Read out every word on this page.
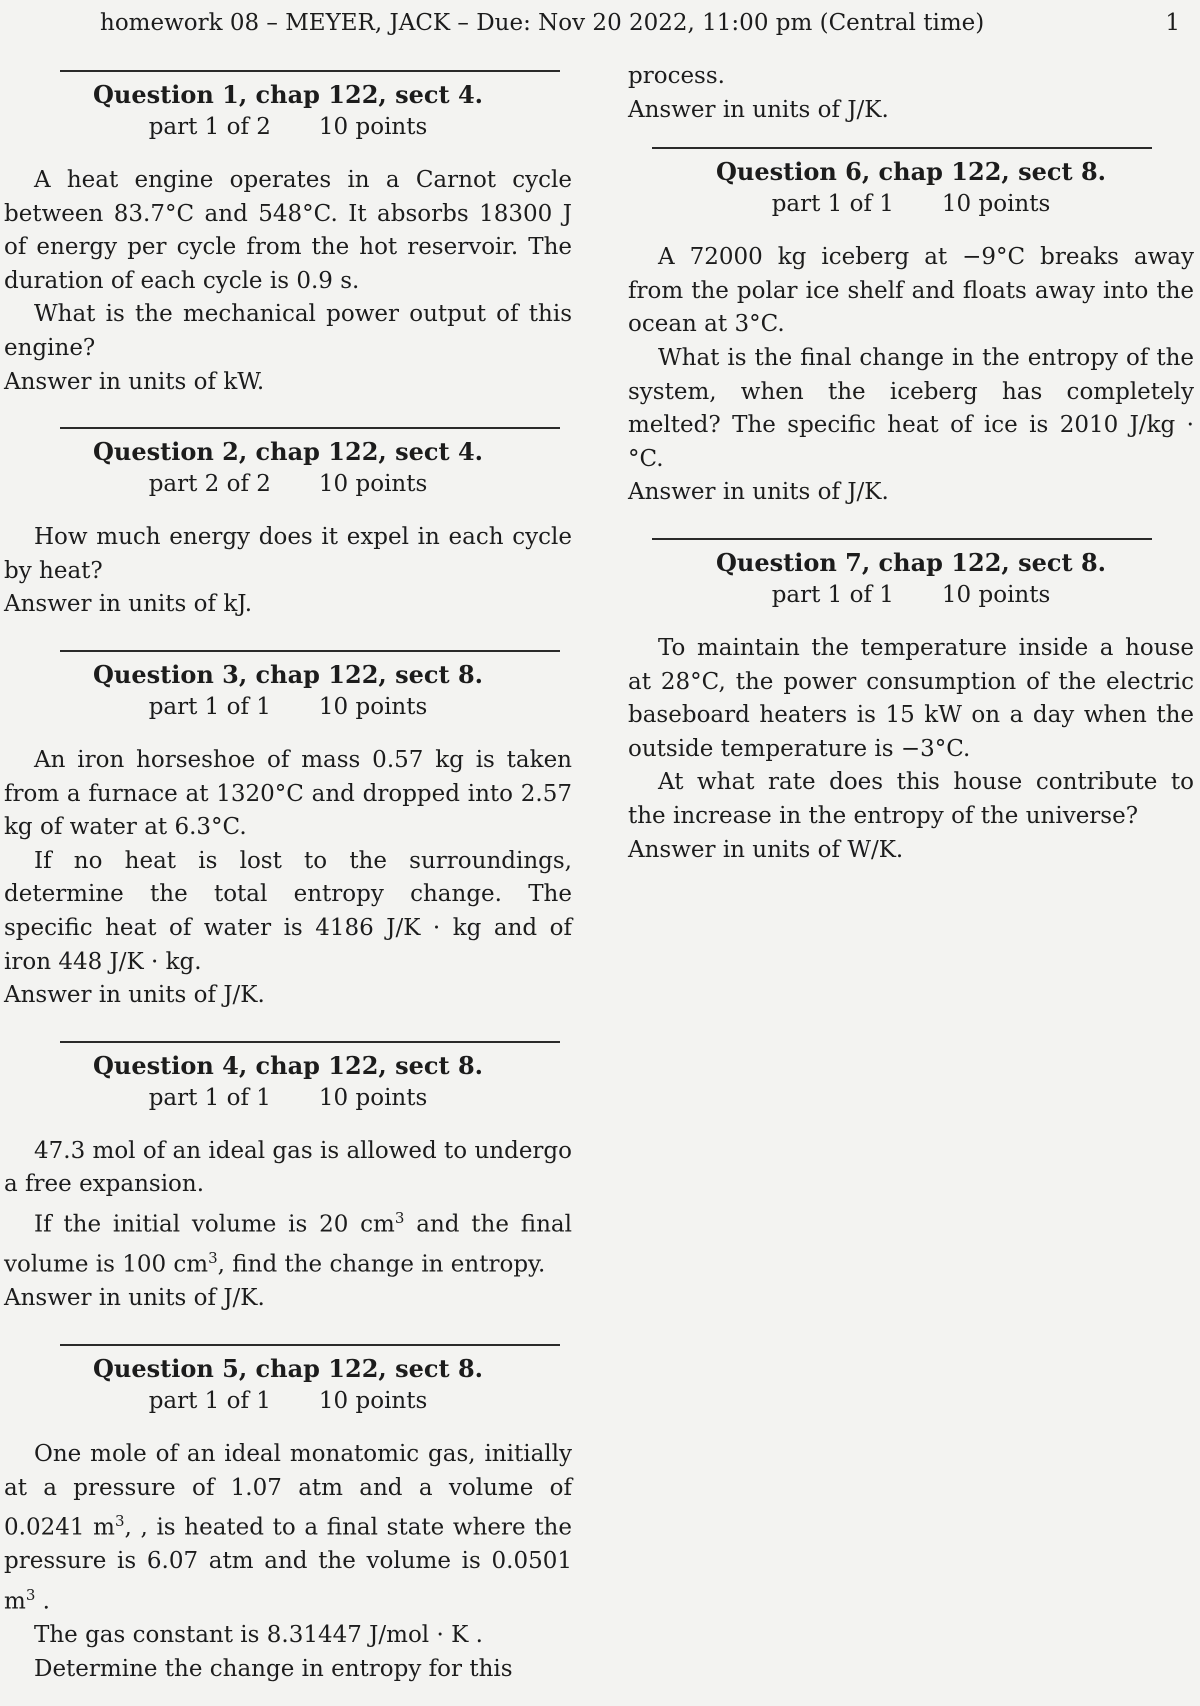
homework 08 – MEYER, JACK – Due: Nov 20 2022, 11:00 pm (Central time)	1
Question 1, chap 122, sect 4.
part 1 of 2 10 points

A heat engine operates in a Carnot cycle between 83.7°C and 548°C. It absorbs 18300 J of energy per cycle from the hot reservoir. The duration of each cycle is 0.9 s.

What is the mechanical power output of this engine?

Answer in units of kW.
Question 2, chap 122, sect 4.
part 2 of 2 10 points

How much energy does it expel in each cycle by heat?

Answer in units of kJ.
Question 3, chap 122, sect 8.
part 1 of 1 10 points

An iron horseshoe of mass 0.57 kg is taken from a furnace at 1320°C and dropped into 2.57 kg of water at 6.3°C.

If no heat is lost to the surroundings, determine the total entropy change. The specific heat of water is 4186 J/K · kg and of iron 448 J/K · kg.

Answer in units of J/K.
Question 4, chap 122, sect 8.
part 1 of 1 10 points

47.3 mol of an ideal gas is allowed to undergo a free expansion.

If the initial volume is 20 $cm^3$ and the final volume is 100 $cm^3$, find the change in entropy.

Answer in units of J/K.
Question 5, chap 122, sect 8.
part 1 of 1 10 points

One mole of an ideal monatomic gas, initially at a pressure of 1.07 atm and a volume of 0.0241 $m^3$, , is heated to a final state where the pressure is 6.07 atm and the volume is 0.0501 $m^3$ .

The gas constant is 8.31447 J/mol · K .

Determine the change in entropy for this

process.

Answer in units of J/K.
Question 6, chap 122, sect 8.
part 1 of 1 10 points

A 72000 kg iceberg at −9°C breaks away from the polar ice shelf and floats away into the ocean at 3°C.

What is the final change in the entropy of the system, when the iceberg has completely melted? The specific heat of ice is 2010 J/kg · °C.

Answer in units of J/K.
Question 7, chap 122, sect 8.
part 1 of 1 10 points

To maintain the temperature inside a house at 28°C, the power consumption of the electric baseboard heaters is 15 kW on a day when the outside temperature is −3°C.

At what rate does this house contribute to the increase in the entropy of the universe?

Answer in units of W/K.
